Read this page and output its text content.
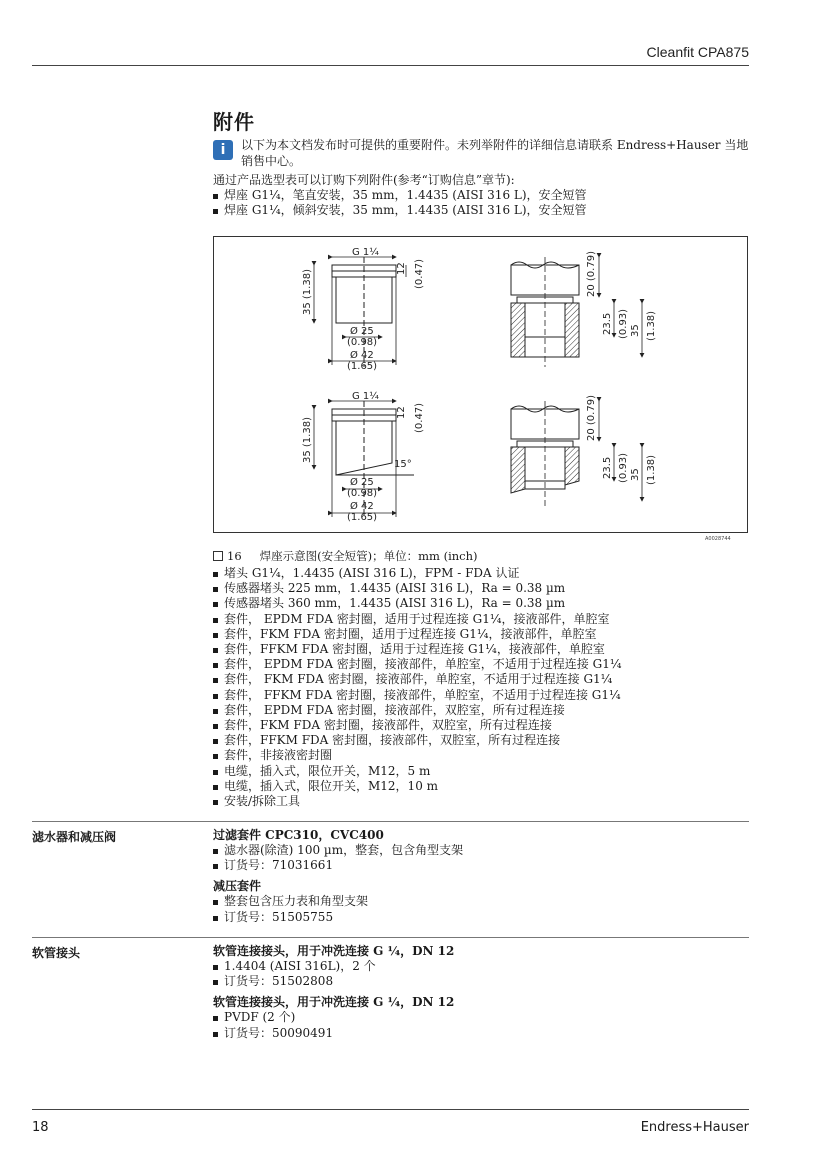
Cleanfit CPA875
附件
i	以下为本文档发布时可提供的重要附件。未列举附件的详细信息请联系 Endress+Hauser 当地销售中心。
通过产品选型表可以订购下列附件(参考“订购信息”章节):
焊座 G1¼，笔直安装，35 mm，1.4435 (AISI 316 L)，安全短管
焊座 G1¼，倾斜安装，35 mm，1.4435 (AISI 316 L)，安全短管
G 1¼
12 (0.47)
35 (1.38)
Ø 25
(0.98)
Ø 42
(1.65)
20 (0.79)
23.5 (0.93) 35 (1.38)
G 1¼
12 (0.47)
35 (1.38)
15°
Ø 25
(0.98)
Ø 42
(1.65)
20 (0.79)
23.5 (0.93) 35 (1.38)
A0028744
16 焊座示意图(安全短管)；单位：mm (inch)
堵头 G1¼，1.4435 (AISI 316 L)，FPM - FDA 认证
传感器堵头 225 mm，1.4435 (AISI 316 L)，Ra = 0.38 µm
传感器堵头 360 mm，1.4435 (AISI 316 L)，Ra = 0.38 µm
套件， EPDM FDA 密封圈，适用于过程连接 G1¼，接液部件，单腔室
套件，FKM FDA 密封圈，适用于过程连接 G1¼，接液部件，单腔室
套件，FFKM FDA 密封圈，适用于过程连接 G1¼，接液部件，单腔室
套件， EPDM FDA 密封圈，接液部件，单腔室，不适用于过程连接 G1¼
套件， FKM FDA 密封圈，接液部件，单腔室，不适用于过程连接 G1¼
套件， FFKM FDA 密封圈，接液部件，单腔室，不适用于过程连接 G1¼
套件， EPDM FDA 密封圈，接液部件，双腔室，所有过程连接
套件，FKM FDA 密封圈，接液部件，双腔室，所有过程连接
套件，FFKM FDA 密封圈，接液部件，双腔室，所有过程连接
套件，非接液密封圈
电缆，插入式，限位开关，M12，5 m
电缆，插入式，限位开关，M12，10 m
安装/拆除工具
滤水器和减压阀	过滤套件 CPC310，CVC400
滤水器(除渣) 100 µm，整套，包含角型支架
订货号：71031661
减压套件
整套包含压力表和角型支架
订货号：51505755
软管接头	软管连接接头，用于冲洗连接 G ¼，DN 12
1.4404 (AISI 316L)，2 个
订货号：51502808
软管连接接头，用于冲洗连接 G ¼，DN 12
PVDF (2 个)
订货号：50090491
18	Endress+Hauser
